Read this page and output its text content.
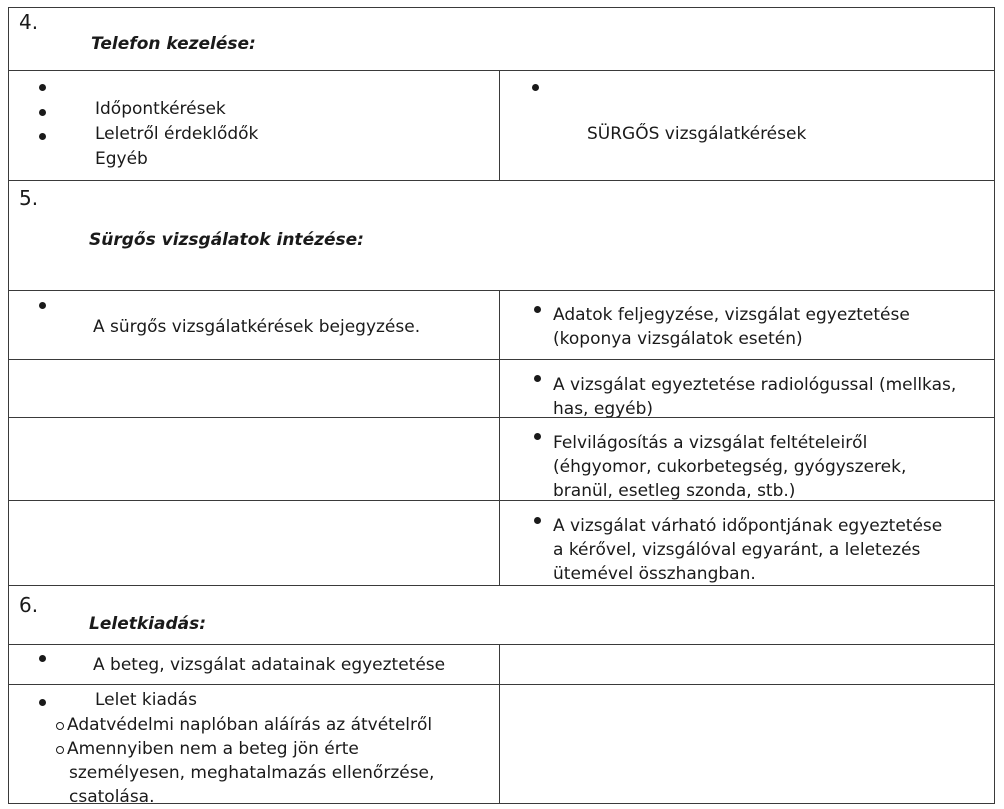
4.
Telefon kezelése:
Időpontkérések
Leletről érdeklődők
Egyéb
SÜRGŐS vizsgálatkérések
5.
Sürgős vizsgálatok intézése:
A sürgős vizsgálatkérések bejegyzése.
Adatok feljegyzése, vizsgálat egyeztetése
(koponya vizsgálatok esetén)
A vizsgálat egyeztetése radiológussal (mellkas,
has, egyéb)
Felvilágosítás a vizsgálat feltételeiről
(éhgyomor, cukorbetegség, gyógyszerek,
branül, esetleg szonda, stb.)
A vizsgálat várható időpontjának egyeztetése
a kérővel, vizsgálóval egyaránt, a leletezés
ütemével összhangban.
6.
Leletkiadás:
A beteg, vizsgálat adatainak egyeztetése
Lelet kiadás
Adatvédelmi naplóban aláírás az átvételről
Amennyiben nem a beteg jön érte
személyesen, meghatalmazás ellenőrzése,
csatolása.
